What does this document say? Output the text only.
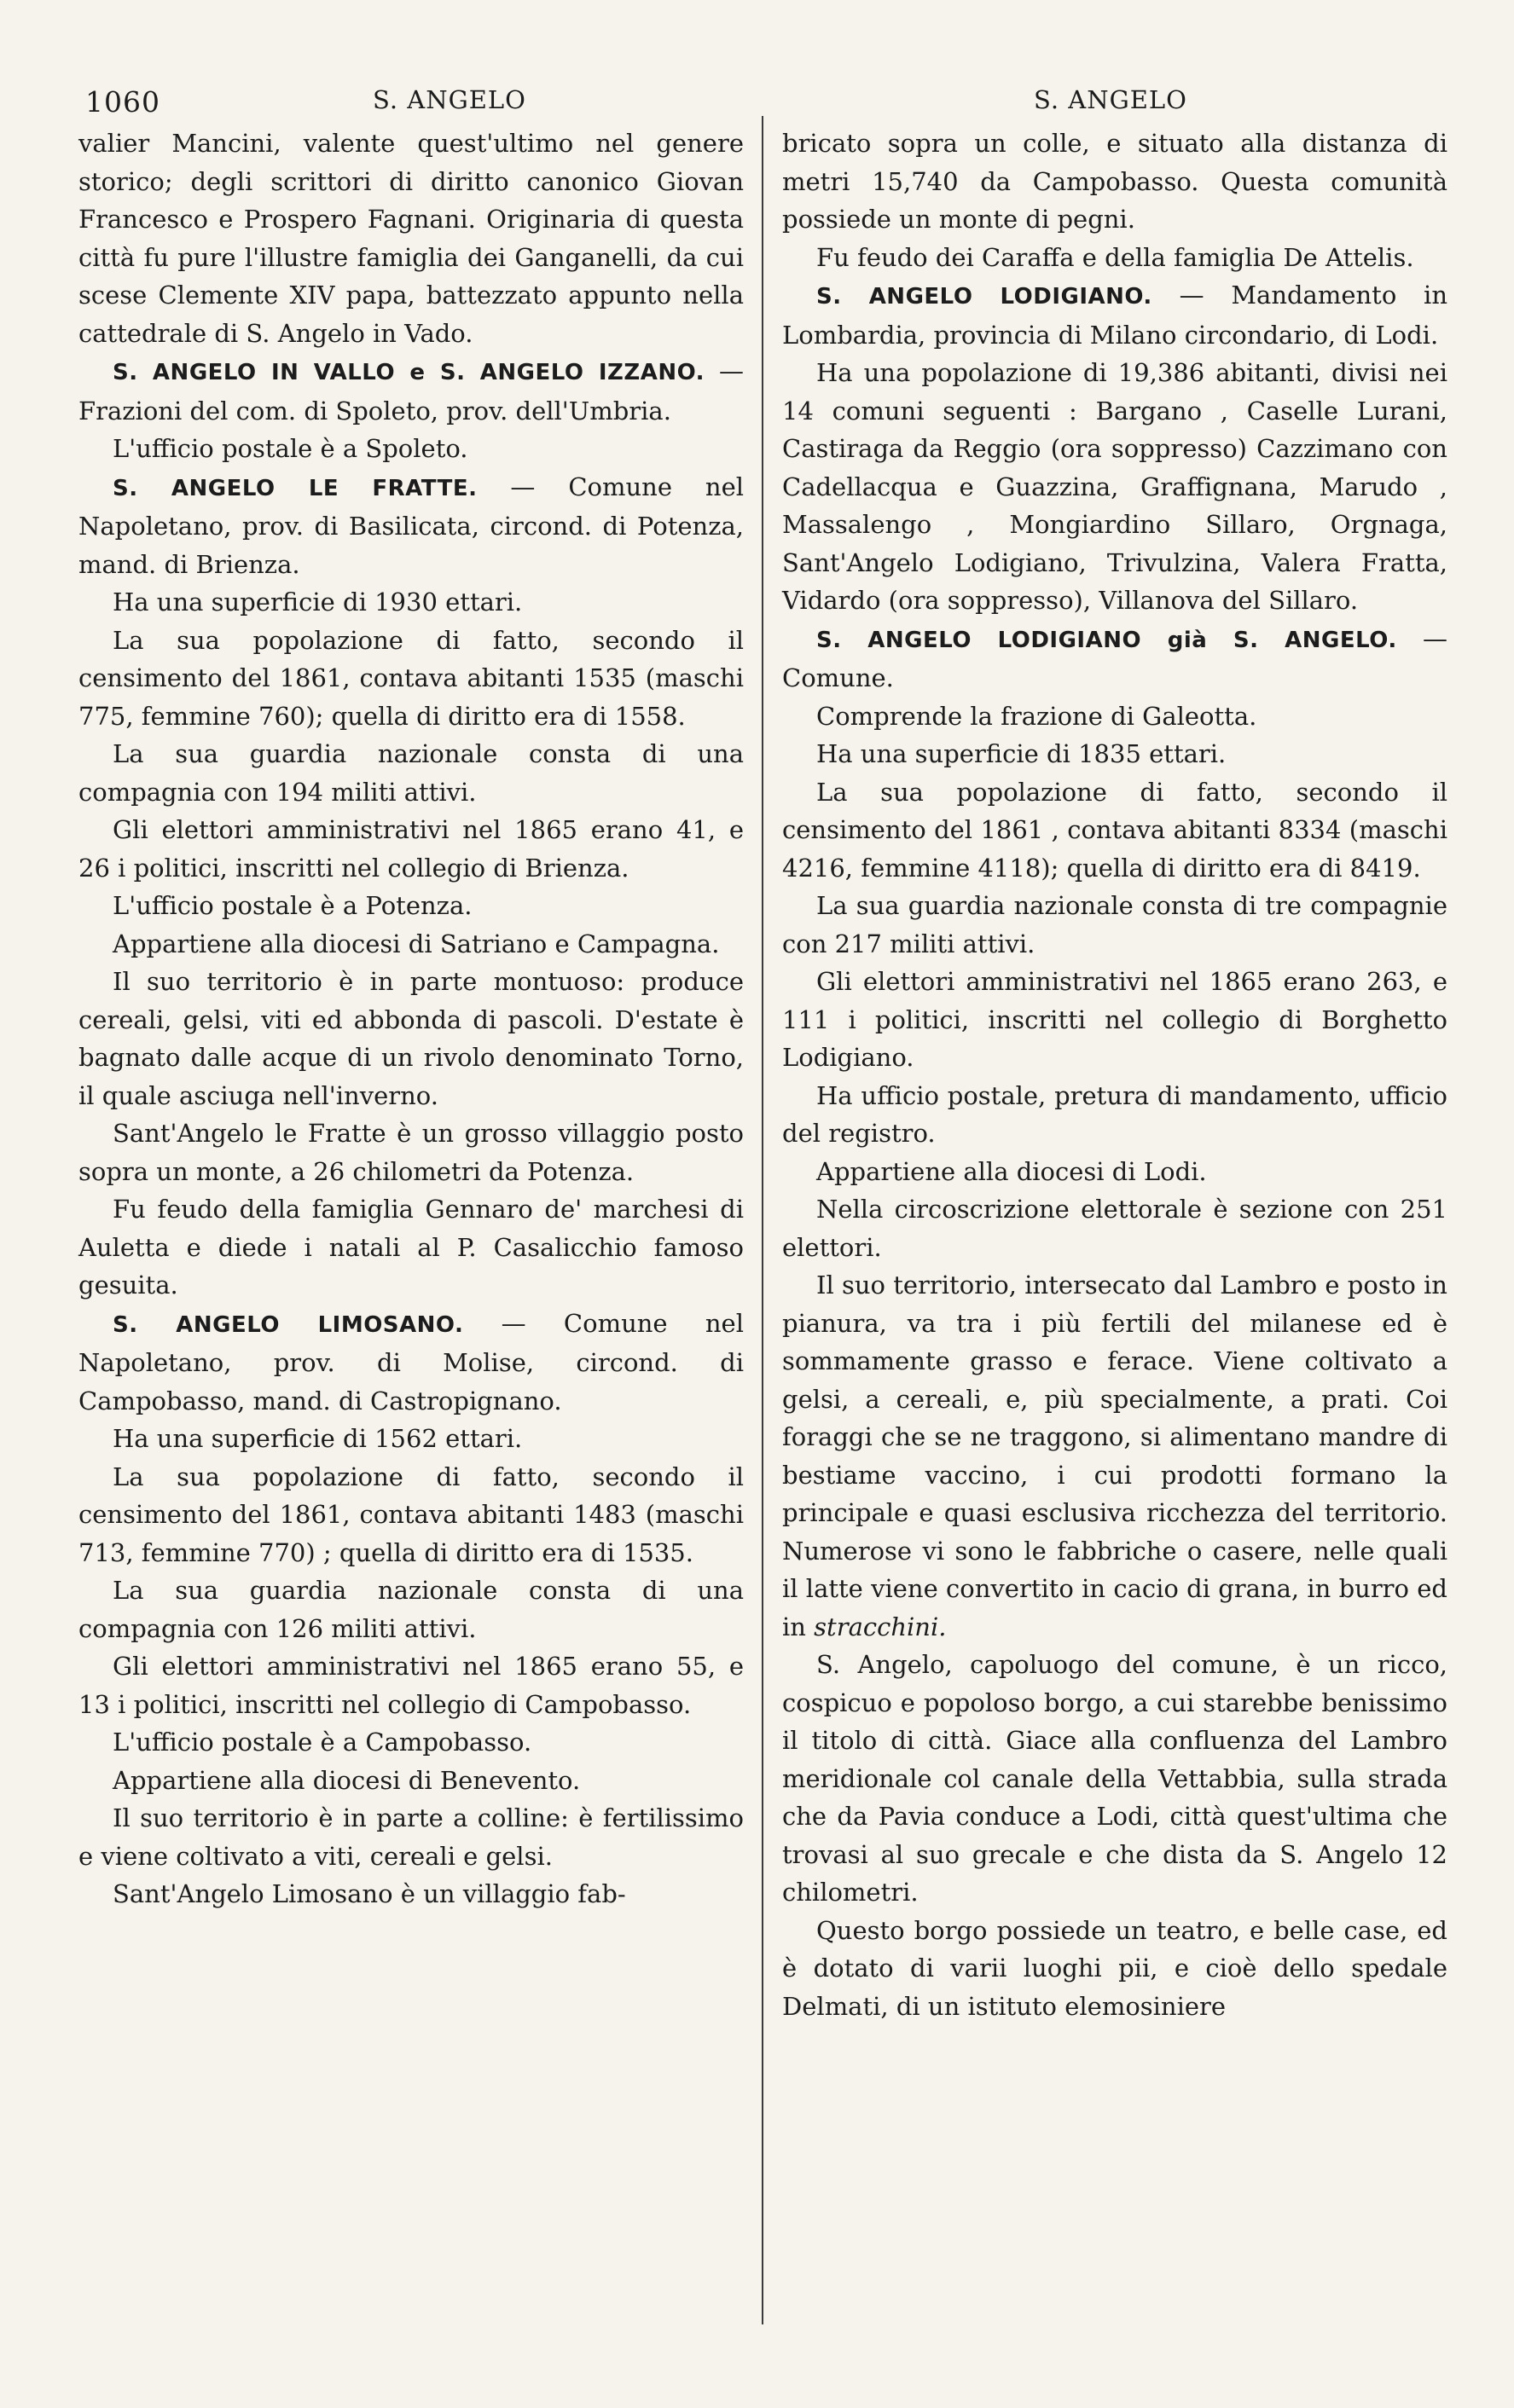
1060	S. ANGELO	S. ANGELO

valier Mancini, valente quest'ultimo nel genere storico; degli scrittori di diritto canonico Giovan Francesco e Prospero Fagnani. Originaria di questa città fu pure l'illustre famiglia dei Ganganelli, da cui scese Clemente XIV papa, battezzato appunto nella cattedrale di S. Angelo in Vado.

S. ANGELO IN VALLO e S. ANGELO IZZANO. — Frazioni del com. di Spoleto, prov. dell'Umbria.

L'ufficio postale è a Spoleto.

S. ANGELO LE FRATTE. — Comune nel Napoletano, prov. di Basilicata, circond. di Potenza, mand. di Brienza.

Ha una superficie di 1930 ettari.

La sua popolazione di fatto, secondo il censimento del 1861, contava abitanti 1535 (maschi 775, femmine 760); quella di diritto era di 1558.

La sua guardia nazionale consta di una compagnia con 194 militi attivi.

Gli elettori amministrativi nel 1865 erano 41, e 26 i politici, inscritti nel collegio di Brienza.

L'ufficio postale è a Potenza.

Appartiene alla diocesi di Satriano e Campagna.

Il suo territorio è in parte montuoso: produce cereali, gelsi, viti ed abbonda di pascoli. D'estate è bagnato dalle acque di un rivolo denominato Torno, il quale asciuga nell'inverno.

Sant'Angelo le Fratte è un grosso villaggio posto sopra un monte, a 26 chilometri da Potenza.

Fu feudo della famiglia Gennaro de' marchesi di Auletta e diede i natali al P. Casalicchio famoso gesuita.

S. ANGELO LIMOSANO. — Comune nel Napoletano, prov. di Molise, circond. di Campobasso, mand. di Castropignano.

Ha una superficie di 1562 ettari.

La sua popolazione di fatto, secondo il censimento del 1861, contava abitanti 1483 (maschi 713, femmine 770) ; quella di diritto era di 1535.

La sua guardia nazionale consta di una compagnia con 126 militi attivi.

Gli elettori amministrativi nel 1865 erano 55, e 13 i politici, inscritti nel collegio di Campobasso.

L'ufficio postale è a Campobasso.

Appartiene alla diocesi di Benevento.

Il suo territorio è in parte a colline: è fertilissimo e viene coltivato a viti, cereali e gelsi.

Sant'Angelo Limosano è un villaggio fab-

bricato sopra un colle, e situato alla distanza di metri 15,740 da Campobasso. Questa comunità possiede un monte di pegni.

Fu feudo dei Caraffa e della famiglia De Attelis.

S. ANGELO LODIGIANO. — Mandamento in Lombardia, provincia di Milano circondario, di Lodi.

Ha una popolazione di 19,386 abitanti, divisi nei 14 comuni seguenti : Bargano , Caselle Lurani, Castiraga da Reggio (ora soppresso) Cazzimano con Cadellacqua e Guazzina, Graffignana, Marudo , Massalengo , Mongiardino Sillaro, Orgnaga, Sant'Angelo Lodigiano, Trivulzina, Valera Fratta, Vidardo (ora soppresso), Villanova del Sillaro.

S. ANGELO LODIGIANO già S. ANGELO. — Comune.

Comprende la frazione di Galeotta.

Ha una superficie di 1835 ettari.

La sua popolazione di fatto, secondo il censimento del 1861 , contava abitanti 8334 (maschi 4216, femmine 4118); quella di diritto era di 8419.

La sua guardia nazionale consta di tre compagnie con 217 militi attivi.

Gli elettori amministrativi nel 1865 erano 263, e 111 i politici, inscritti nel collegio di Borghetto Lodigiano.

Ha ufficio postale, pretura di mandamento, ufficio del registro.

Appartiene alla diocesi di Lodi.

Nella circoscrizione elettorale è sezione con 251 elettori.

Il suo territorio, intersecato dal Lambro e posto in pianura, va tra i più fertili del milanese ed è sommamente grasso e ferace. Viene coltivato a gelsi, a cereali, e, più specialmente, a prati. Coi foraggi che se ne traggono, si alimentano mandre di bestiame vaccino, i cui prodotti formano la principale e quasi esclusiva ricchezza del territorio. Numerose vi sono le fabbriche o casere, nelle quali il latte viene convertito in cacio di grana, in burro ed in stracchini.

S. Angelo, capoluogo del comune, è un ricco, cospicuo e popoloso borgo, a cui starebbe benissimo il titolo di città. Giace alla confluenza del Lambro meridionale col canale della Vettabbia, sulla strada che da Pavia conduce a Lodi, città quest'ultima che trovasi al suo grecale e che dista da S. Angelo 12 chilometri.

Questo borgo possiede un teatro, e belle case, ed è dotato di varii luoghi pii, e cioè dello spedale Delmati, di un istituto elemosiniere
